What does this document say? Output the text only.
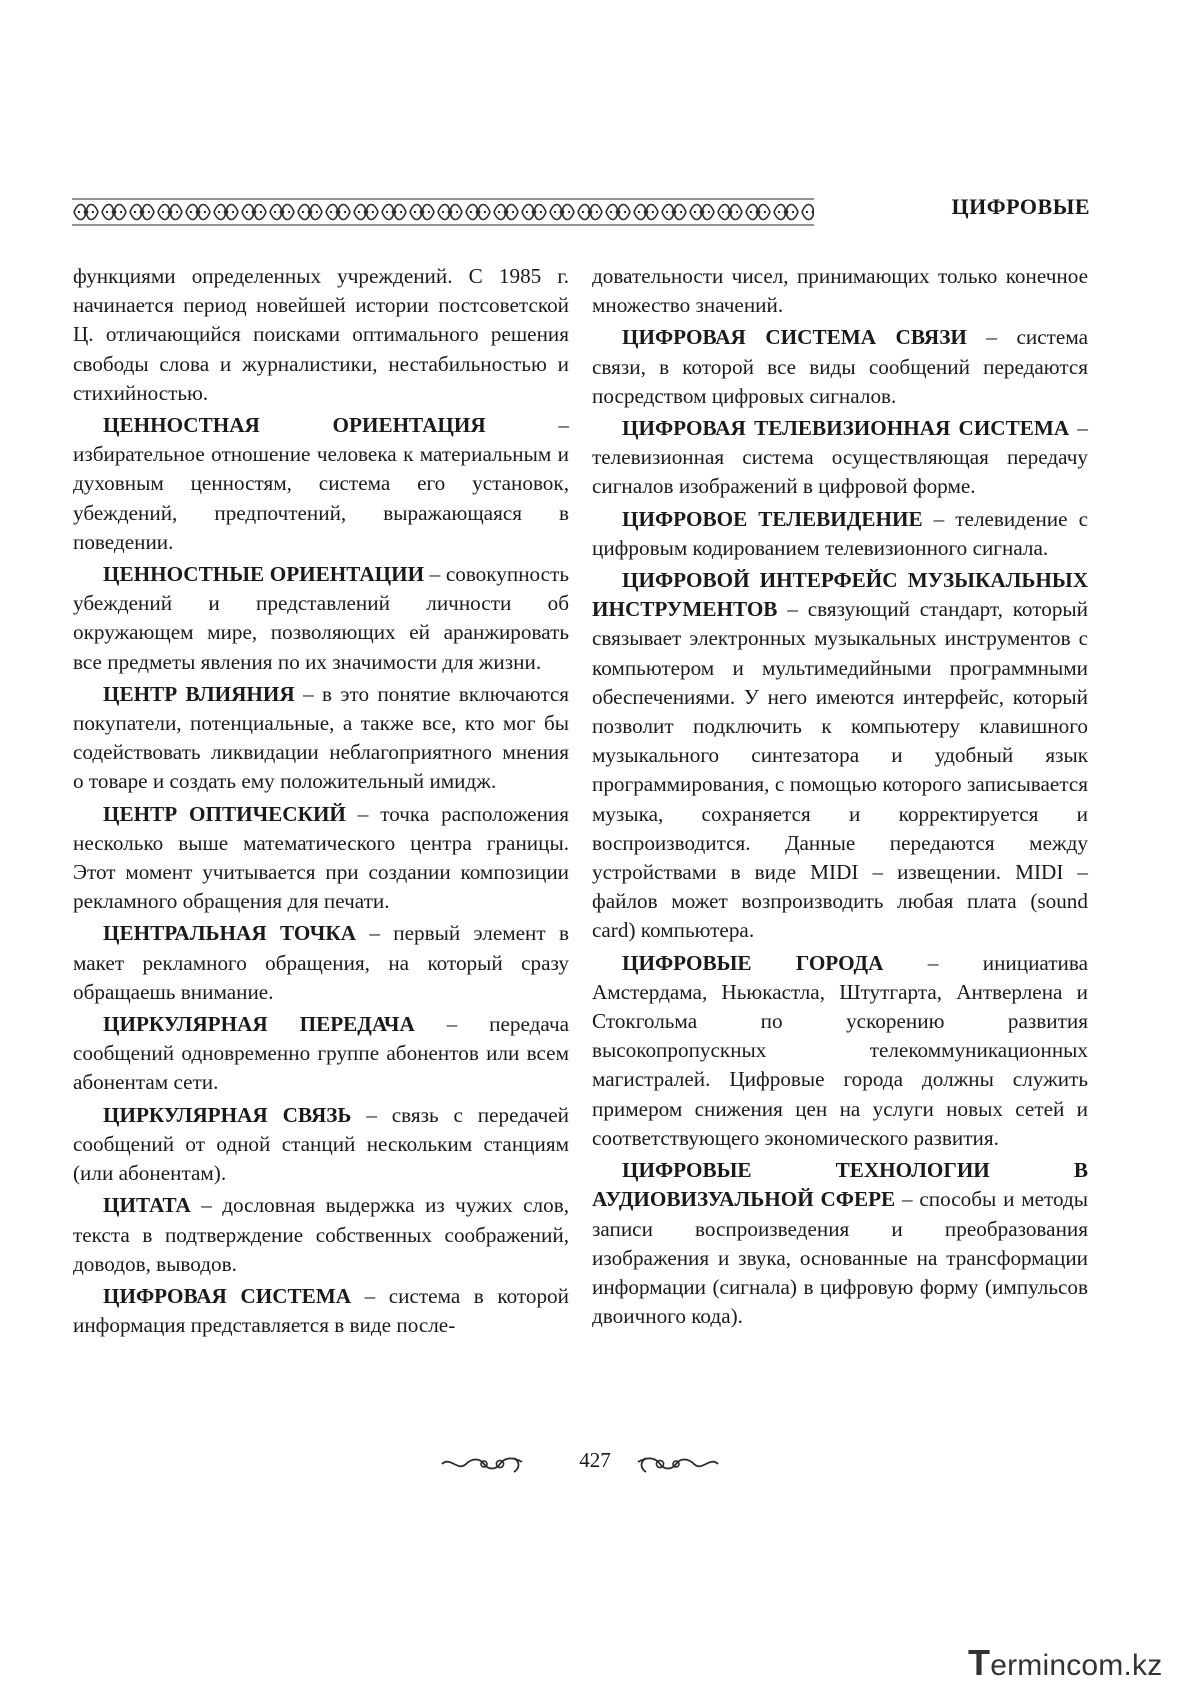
ЦИФРОВЫЕ

функциями определенных учреждений. С 1985 г. начинается период новейшей истории постсоветской Ц. отличающийся поисками оптимального решения свободы слова и журналистики, нестабильностью и стихийностью.

ЦЕННОСТНАЯ ОРИЕНТАЦИЯ – избирательное отношение человека к материальным и духовным ценностям, система его установок, убеждений, предпочтений, выражающаяся в поведении.

ЦЕННОСТНЫЕ ОРИЕНТАЦИИ – совокупность убеждений и представлений личности об окружающем мире, позволяющих ей аранжировать все предметы явления по их значимости для жизни.

ЦЕНТР ВЛИЯНИЯ – в это понятие включаются покупатели, потенциальные, а также все, кто мог бы содействовать ликвидации неблагоприятного мнения о товаре и создать ему положительный имидж.

ЦЕНТР ОПТИЧЕСКИЙ – точка расположения несколько выше математического центра границы. Этот момент учитывается при создании композиции рекламного обращения для печати.

ЦЕНТРАЛЬНАЯ ТОЧКА – первый элемент в макет рекламного обращения, на который сразу обращаешь внимание.

ЦИРКУЛЯРНАЯ ПЕРЕДАЧА – передача сообщений одновременно группе абонентов или всем абонентам сети.

ЦИРКУЛЯРНАЯ СВЯЗЬ – связь с передачей сообщений от одной станций нескольким станциям (или абонентам).

ЦИТАТА – дословная выдержка из чужих слов, текста в подтверждение собственных соображений, доводов, выводов.

ЦИФРОВАЯ СИСТЕМА – система в которой информация представляется в виде после-

довательности чисел, принимающих только конечное множество значений.

ЦИФРОВАЯ СИСТЕМА СВЯЗИ – система связи, в которой все виды сообщений передаются посредством цифровых сигналов.

ЦИФРОВАЯ ТЕЛЕВИЗИОННАЯ СИСТЕМА – телевизионная система осуществляющая передачу сигналов изображений в цифровой форме.

ЦИФРОВОЕ ТЕЛЕВИДЕНИЕ – телевидение с цифровым кодированием телевизионного сигнала.

ЦИФРОВОЙ ИНТЕРФЕЙС МУЗЫКАЛЬНЫХ ИНСТРУМЕНТОВ – связующий стандарт, который связывает электронных музыкальных инструментов с компьютером и мультимедийными программными обеспечениями. У него имеются интерфейс, который позволит подключить к компьютеру клавишного музыкального синтезатора и удобный язык программирования, с помощью которого записывается музыка, сохраняется и корректируется и воспроизводится. Данные передаются между устройствами в виде MIDI – извещении. MIDI – файлов может возпроизводить любая плата (sound card) компьютера.

ЦИФРОВЫЕ ГОРОДА – инициатива Амстердама, Ньюкастла, Штутгарта, Антверлена и Стокгольма по ускорению развития высокопропускных телекоммуникационных магистралей. Цифровые города должны служить примером снижения цен на услуги новых сетей и соответствующего экономического развития.

ЦИФРОВЫЕ ТЕХНОЛОГИИ В АУДИОВИЗУАЛЬНОЙ СФЕРЕ – способы и методы записи воспроизведения и преобразования изображения и звука, основанные на трансформации информации (сигнала) в цифровую форму (импульсов двоичного кода).

427
Termincom.kz
